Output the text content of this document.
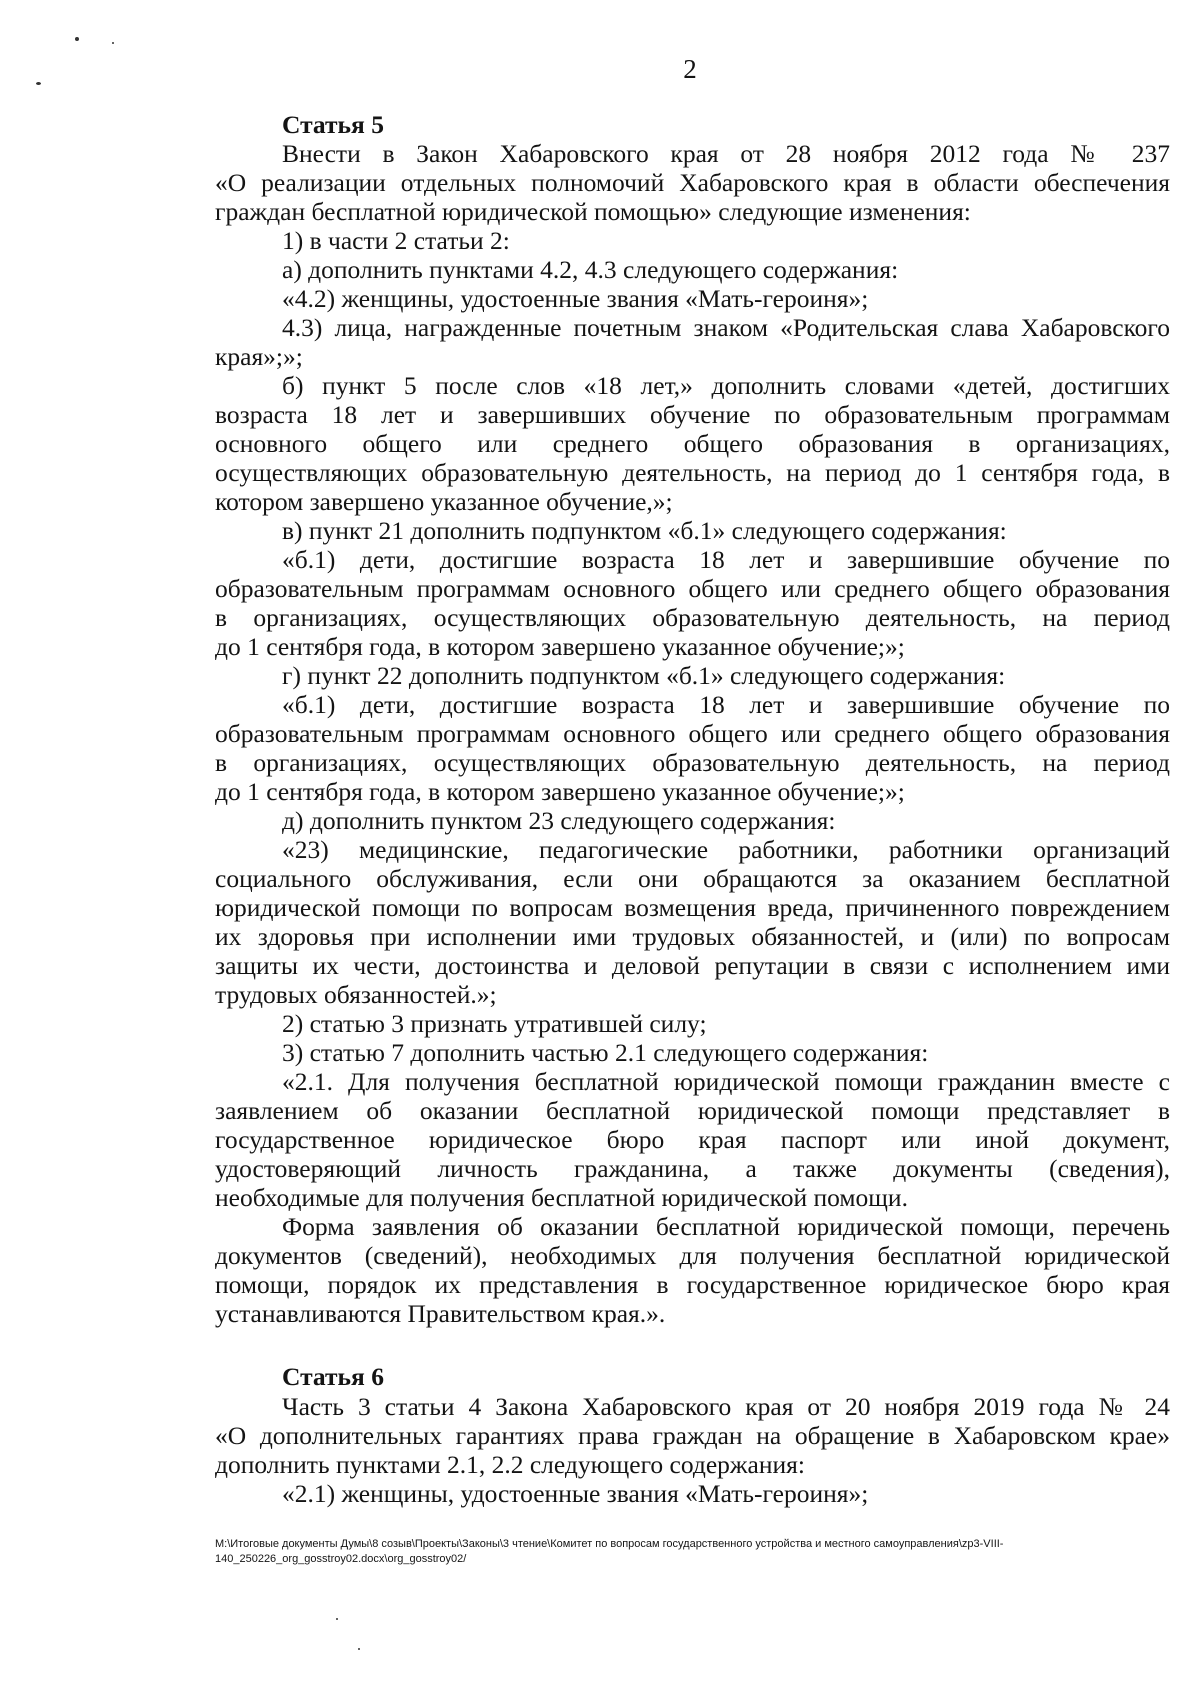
2
Статья 5
Внести в Закон Хабаровского края от 28 ноября 2012 года № 237
«О реализации отдельных полномочий Хабаровского края в области обеспечения
граждан бесплатной юридической помощью» следующие изменения:
1) в части 2 статьи 2:
а) дополнить пунктами 4.2, 4.3 следующего содержания:
«4.2) женщины, удостоенные звания «Мать-героиня»;
4.3) лица, награжденные почетным знаком «Родительская слава Хабаровского
края»;»;
б) пункт 5 после слов «18 лет,» дополнить словами «детей, достигших
возраста 18 лет и завершивших обучение по образовательным программам
основного общего или среднего общего образования в организациях,
осуществляющих образовательную деятельность, на период до 1 сентября года, в
котором завершено указанное обучение,»;
в) пункт 21 дополнить подпунктом «б.1» следующего содержания:
«б.1) дети, достигшие возраста 18 лет и завершившие обучение по
образовательным программам основного общего или среднего общего образования
в организациях, осуществляющих образовательную деятельность, на период
до 1 сентября года, в котором завершено указанное обучение;»;
г) пункт 22 дополнить подпунктом «б.1» следующего содержания:
«б.1) дети, достигшие возраста 18 лет и завершившие обучение по
образовательным программам основного общего или среднего общего образования
в организациях, осуществляющих образовательную деятельность, на период
до 1 сентября года, в котором завершено указанное обучение;»;
д) дополнить пунктом 23 следующего содержания:
«23) медицинские, педагогические работники, работники организаций
социального обслуживания, если они обращаются за оказанием бесплатной
юридической помощи по вопросам возмещения вреда, причиненного повреждением
их здоровья при исполнении ими трудовых обязанностей, и (или) по вопросам
защиты их чести, достоинства и деловой репутации в связи с исполнением ими
трудовых обязанностей.»;
2) статью 3 признать утратившей силу;
3) статью 7 дополнить частью 2.1 следующего содержания:
«2.1. Для получения бесплатной юридической помощи гражданин вместе с
заявлением об оказании бесплатной юридической помощи представляет в
государственное юридическое бюро края паспорт или иной документ,
удостоверяющий личность гражданина, а также документы (сведения),
необходимые для получения бесплатной юридической помощи.
Форма заявления об оказании бесплатной юридической помощи, перечень
документов (сведений), необходимых для получения бесплатной юридической
помощи, порядок их представления в государственное юридическое бюро края
устанавливаются Правительством края.».
Статья 6
Часть 3 статьи 4 Закона Хабаровского края от 20 ноября 2019 года № 24
«О дополнительных гарантиях права граждан на обращение в Хабаровском крае»
дополнить пунктами 2.1, 2.2 следующего содержания:
«2.1) женщины, удостоенные звания «Мать-героиня»;
M:\Итоговые документы Думы\8 созыв\Проекты\Законы\3 чтение\Комитет по вопросам государственного устройства и местного самоуправления\zp3-VIII-
140_250226_org_gosstroy02.docx\org_gosstroy02/
